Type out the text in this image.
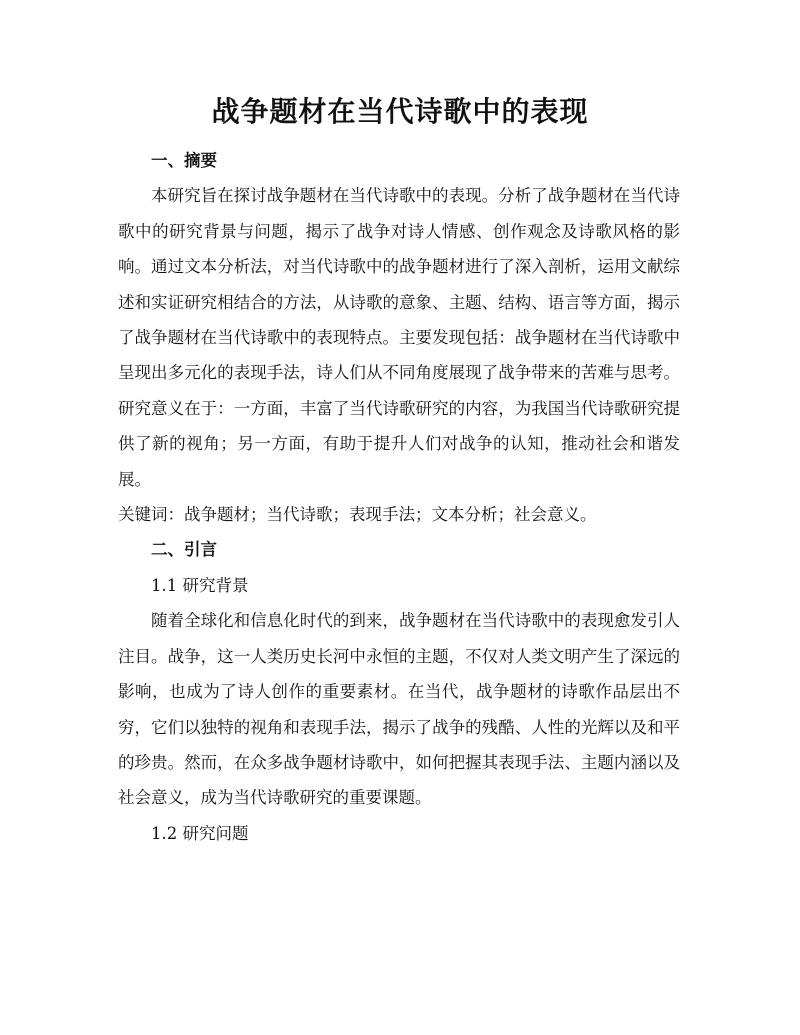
战争题材在当代诗歌中的表现

一、摘要

本研究旨在探讨战争题材在当代诗歌中的表现。分析了战争题材在当代诗歌中的研究背景与问题，揭示了战争对诗人情感、创作观念及诗歌风格的影响。通过文本分析法，对当代诗歌中的战争题材进行了深入剖析，运用文献综述和实证研究相结合的方法，从诗歌的意象、主题、结构、语言等方面，揭示了战争题材在当代诗歌中的表现特点。主要发现包括：战争题材在当代诗歌中呈现出多元化的表现手法，诗人们从不同角度展现了战争带来的苦难与思考。研究意义在于：一方面，丰富了当代诗歌研究的内容，为我国当代诗歌研究提供了新的视角；另一方面，有助于提升人们对战争的认知，推动社会和谐发展。

关键词：战争题材；当代诗歌；表现手法；文本分析；社会意义。

二、引言

1.1 研究背景

随着全球化和信息化时代的到来，战争题材在当代诗歌中的表现愈发引人注目。战争，这一人类历史长河中永恒的主题，不仅对人类文明产生了深远的影响，也成为了诗人创作的重要素材。在当代，战争题材的诗歌作品层出不穷，它们以独特的视角和表现手法，揭示了战争的残酷、人性的光辉以及和平的珍贵。然而，在众多战争题材诗歌中，如何把握其表现手法、主题内涵以及社会意义，成为当代诗歌研究的重要课题。

1.2 研究问题
